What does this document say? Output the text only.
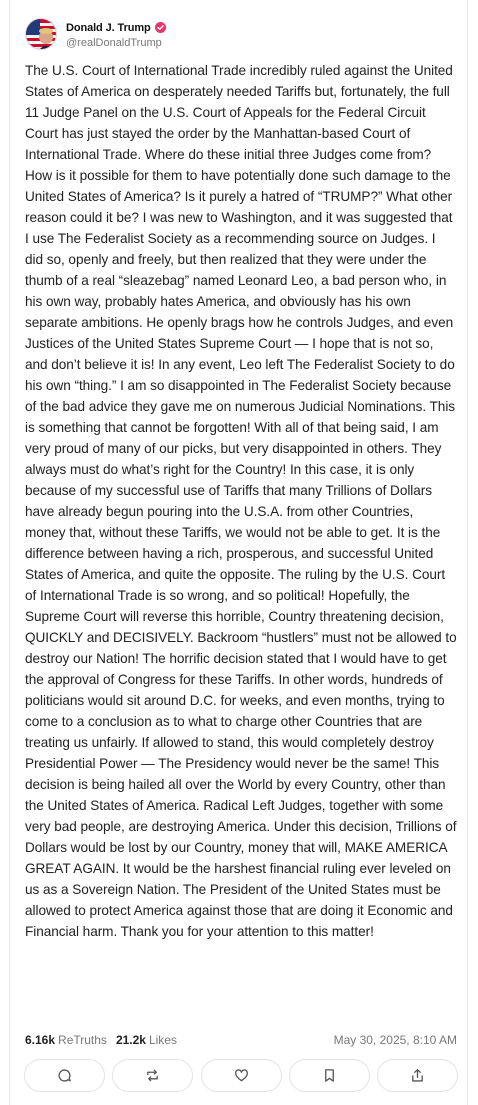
Donald J. Trump
@realDonaldTrump
The U.S. Court of International Trade incredibly ruled against the United States of America on desperately needed Tariffs but, fortunately, the full 11 Judge Panel on the U.S. Court of Appeals for the Federal Circuit Court has just stayed the order by the Manhattan-based Court of International Trade. Where do these initial three Judges come from? How is it possible for them to have potentially done such damage to the United States of America? Is it purely a hatred of “TRUMP?” What other reason could it be? I was new to Washington, and it was suggested that I use The Federalist Society as a recommending source on Judges. I did so, openly and freely, but then realized that they were under the thumb of a real “sleazebag” named Leonard Leo, a bad person who, in his own way, probably hates America, and obviously has his own separate ambitions. He openly brags how he controls Judges, and even Justices of the United States Supreme Court — I hope that is not so, and don’t believe it is! In any event, Leo left The Federalist Society to do his own “thing.” I am so disappointed in The Federalist Society because of the bad advice they gave me on numerous Judicial Nominations. This is something that cannot be forgotten! With all of that being said, I am very proud of many of our picks, but very disappointed in others. They always must do what’s right for the Country! In this case, it is only because of my successful use of Tariffs that many Trillions of Dollars have already begun pouring into the U.S.A. from other Countries, money that, without these Tariffs, we would not be able to get. It is the difference between having a rich, prosperous, and successful United States of America, and quite the opposite. The ruling by the U.S. Court of International Trade is so wrong, and so political! Hopefully, the Supreme Court will reverse this horrible, Country threatening decision, QUICKLY and DECISIVELY. Backroom “hustlers” must not be allowed to destroy our Nation! The horrific decision stated that I would have to get the approval of Congress for these Tariffs. In other words, hundreds of politicians would sit around D.C. for weeks, and even months, trying to come to a conclusion as to what to charge other Countries that are treating us unfairly. If allowed to stand, this would completely destroy Presidential Power — The Presidency would never be the same! This decision is being hailed all over the World by every Country, other than the United States of America. Radical Left Judges, together with some very bad people, are destroying America. Under this decision, Trillions of Dollars would be lost by our Country, money that will, MAKE AMERICA GREAT AGAIN. It would be the harshest financial ruling ever leveled on us as a Sovereign Nation. The President of the United States must be allowed to protect America against those that are doing it Economic and Financial harm. Thank you for your attention to this matter!
6.16k ReTruths 21.2k Likes	May 30, 2025, 8:10 AM
